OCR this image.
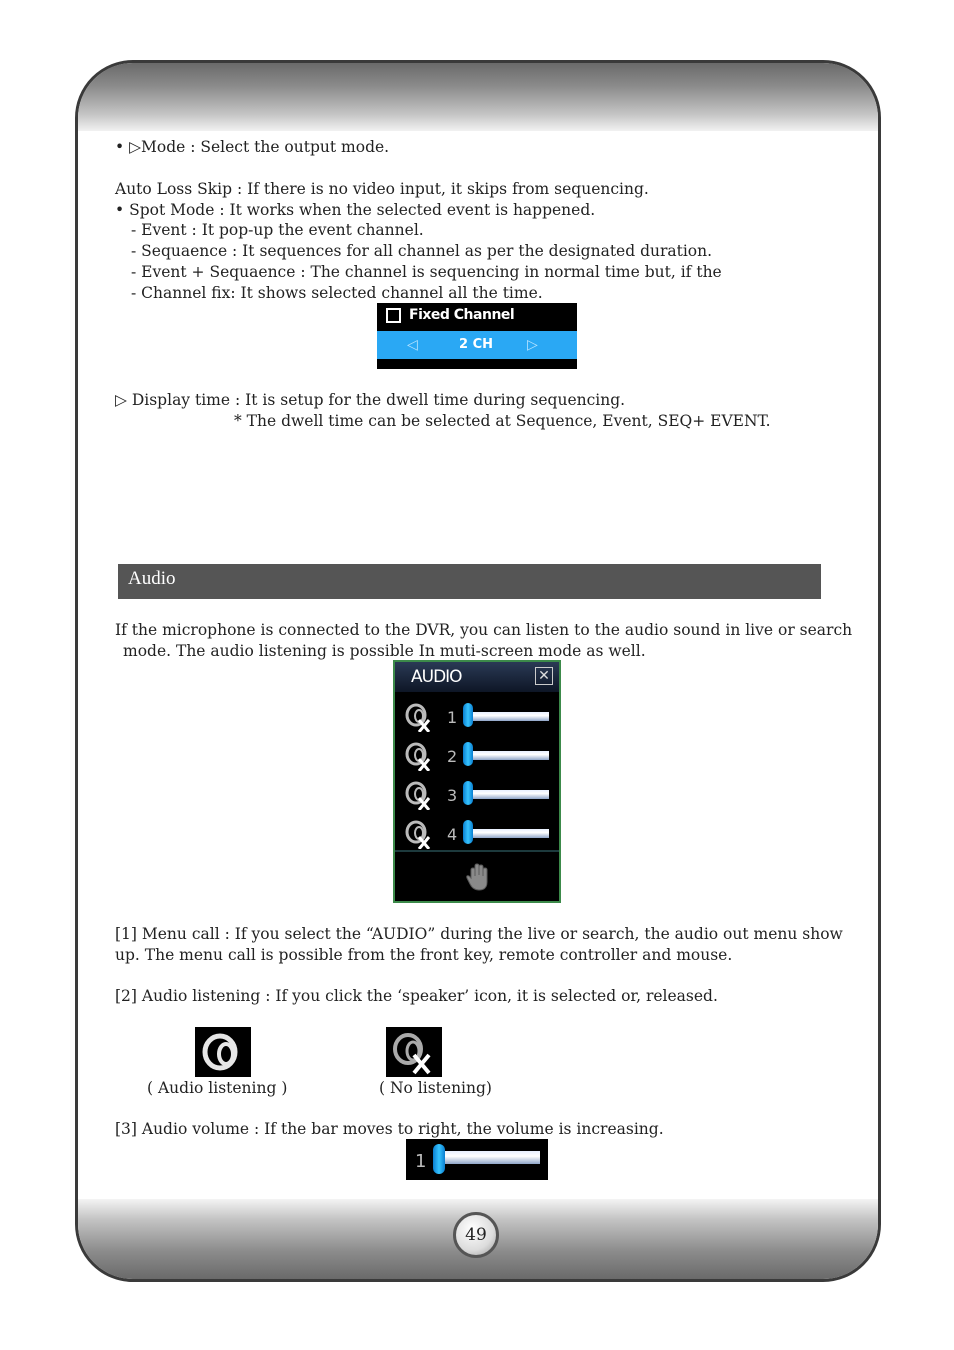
• ▷Mode : Select the output mode.
Auto Loss Skip : If there is no video input, it skips from sequencing.
• Spot Mode : It works when the selected event is happened.
- Event : It pop-up the event channel.
- Sequaence : It sequences for all channel as per the designated duration.
- Event + Sequaence : The channel is sequencing in normal time but, if the
- Channel fix: It shows selected channel all the time.
Fixed Channel
◁	2 CH ▷
▷ Display time : It is setup for the dwell time during sequencing.
* The dwell time can be selected at Sequence, Event, SEQ+ EVENT.
Audio
If the microphone is connected to the DVR, you can listen to the audio sound in live or search
mode. The audio listening is possible In muti-screen mode as well.
AUDIO	✕
1
2
3
4
[1] Menu call : If you select the “AUDIO” during the live or search, the audio out menu show
up. The menu call is possible from the front key, remote controller and mouse.
[2] Audio listening : If you click the ‘speaker’ icon, it is selected or, released.
( Audio listening )	( No listening)
[3] Audio volume : If the bar moves to right, the volume is increasing.
1
49
